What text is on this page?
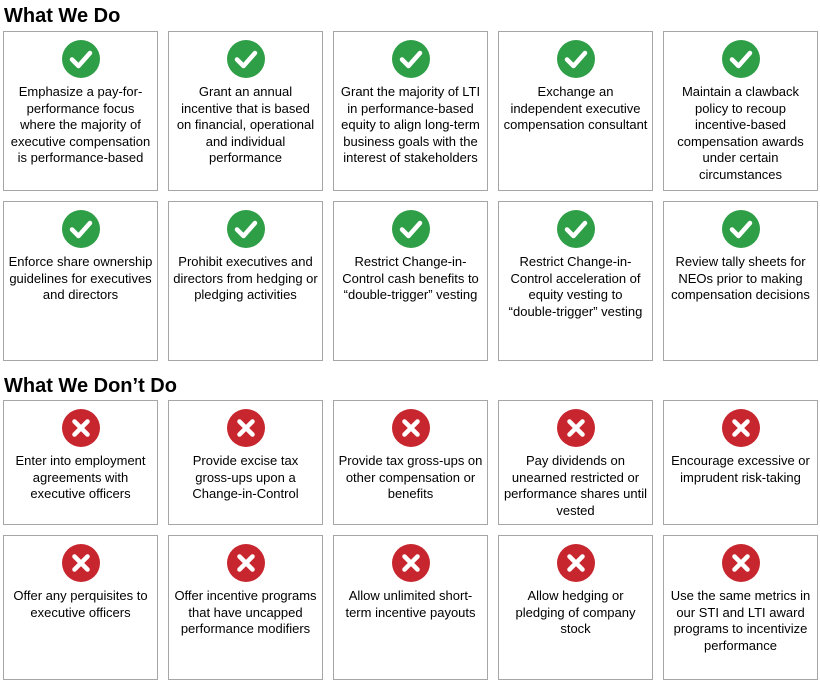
What We Do
Emphasize a pay-for-performance focus where the majority of executive compensation is performance-based
Grant an annual incentive that is based on financial, operational and individual performance
Grant the majority of LTI in performance-based equity to align long-term business goals with the interest of stakeholders
Exchange an independent executive compensation consultant
Maintain a clawback policy to recoup incentive-based compensation awards under certain circumstances
Enforce share ownership guidelines for executives and directors
Prohibit executives and directors from hedging or pledging activities
Restrict Change-in-Control cash benefits to “double-trigger” vesting
Restrict Change-in-Control acceleration of equity vesting to “double-trigger” vesting
Review tally sheets for NEOs prior to making compensation decisions
What We Don’t Do
Enter into employment agreements with executive officers
Provide excise tax gross-ups upon a Change-in-Control
Provide tax gross-ups on other compensation or benefits
Pay dividends on unearned restricted or performance shares until vested
Encourage excessive or imprudent risk-taking
Offer any perquisites to executive officers
Offer incentive programs that have uncapped performance modifiers
Allow unlimited short-term incentive payouts
Allow hedging or pledging of company stock
Use the same metrics in our STI and LTI award programs to incentivize performance
